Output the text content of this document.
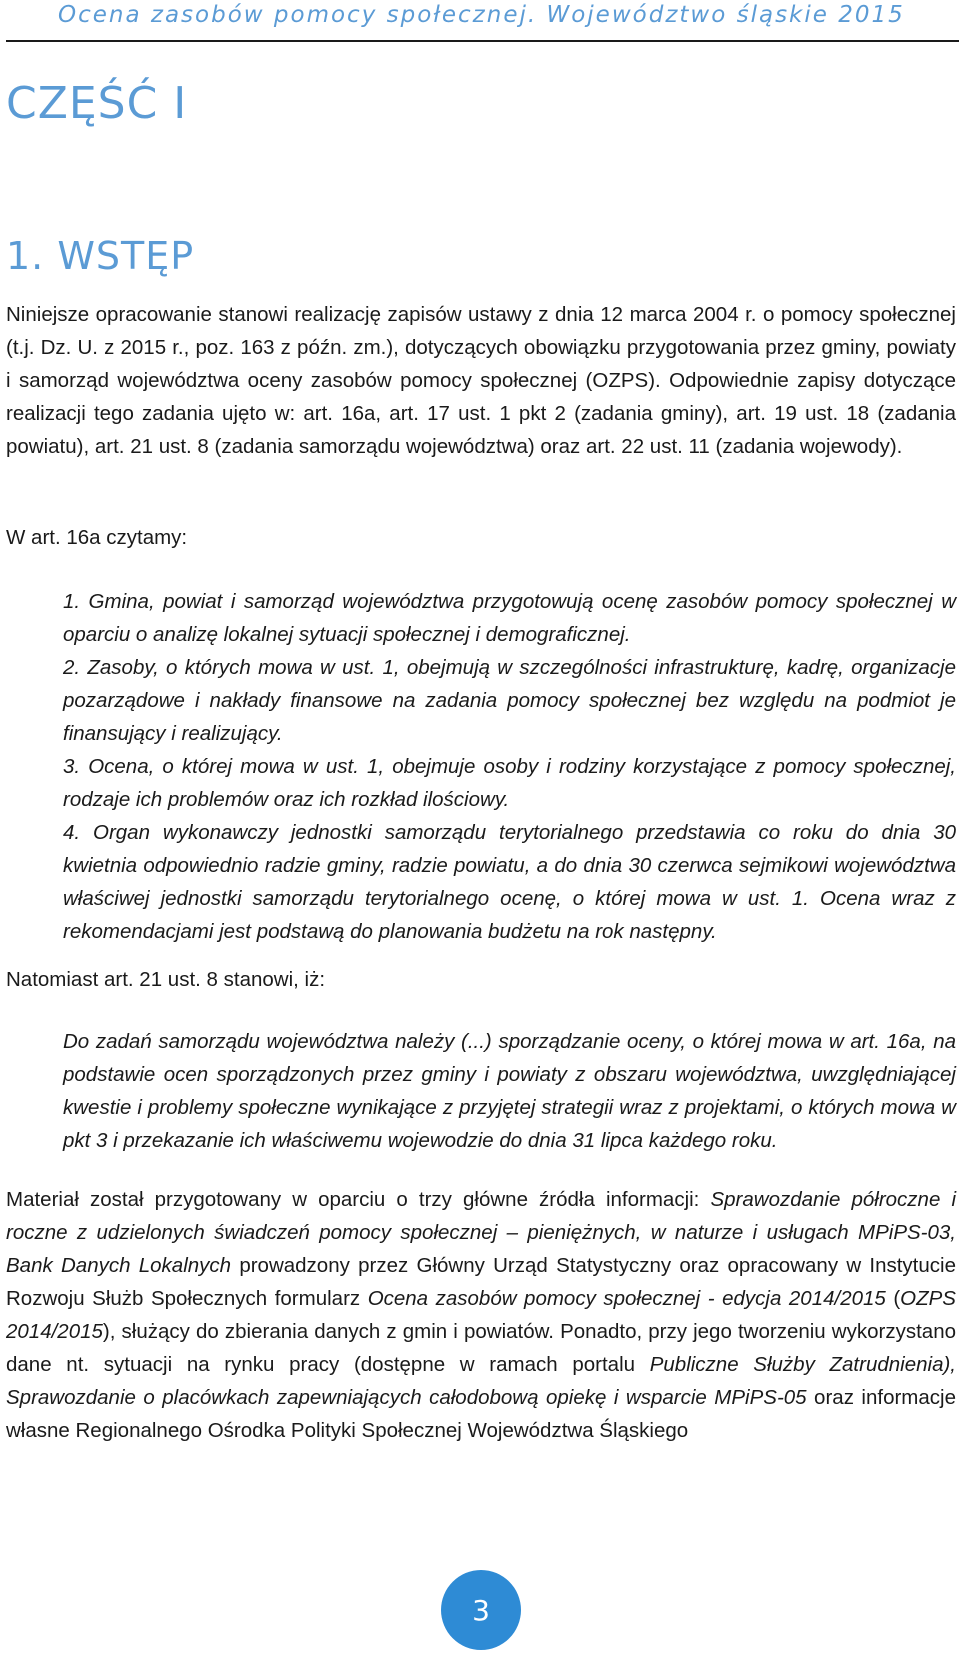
Ocena zasobów pomocy społecznej. Województwo śląskie 2015
CZĘŚĆ I
1. WSTĘP

Niniejsze opracowanie stanowi realizację zapisów ustawy z dnia 12 marca 2004 r. o pomocy społecznej (t.j. Dz. U. z 2015 r., poz. 163 z późn. zm.), dotyczących obowiązku przygotowania przez gminy, powiaty i samorząd województwa oceny zasobów pomocy społecznej (OZPS). Odpowiednie zapisy dotyczące realizacji tego zadania ujęto w: art. 16a, art. 17 ust. 1 pkt 2 (zadania gminy), art. 19 ust. 18 (zadania powiatu), art. 21 ust. 8 (zadania samorządu województwa) oraz art. 22 ust. 11 (zadania wojewody).

W art. 16a czytamy:

1. Gmina, powiat i samorząd województwa przygotowują ocenę zasobów pomocy społecznej w oparciu o analizę lokalnej sytuacji społecznej i demograficznej.
2. Zasoby, o których mowa w ust. 1, obejmują w szczególności infrastrukturę, kadrę, organizacje pozarządowe i nakłady finansowe na zadania pomocy społecznej bez względu na podmiot je finansujący i realizujący.
3. Ocena, o której mowa w ust. 1, obejmuje osoby i rodziny korzystające z pomocy społecznej, rodzaje ich problemów oraz ich rozkład ilościowy.
4. Organ wykonawczy jednostki samorządu terytorialnego przedstawia co roku do dnia 30 kwietnia odpowiednio radzie gminy, radzie powiatu, a do dnia 30 czerwca sejmikowi województwa właściwej jednostki samorządu terytorialnego ocenę, o której mowa w ust. 1. Ocena wraz z rekomendacjami jest podstawą do planowania budżetu na rok następny.

Natomiast art. 21 ust. 8 stanowi, iż:

Do zadań samorządu województwa należy (...) sporządzanie oceny, o której mowa w art. 16a, na podstawie ocen sporządzonych przez gminy i powiaty z obszaru województwa, uwzględniającej kwestie i problemy społeczne wynikające z przyjętej strategii wraz z projektami, o których mowa w pkt 3 i przekazanie ich właściwemu wojewodzie do dnia 31 lipca każdego roku.

Materiał został przygotowany w oparciu o trzy główne źródła informacji: Sprawozdanie półroczne i roczne z udzielonych świadczeń pomocy społecznej – pieniężnych, w naturze i usługach MPiPS-03, Bank Danych Lokalnych prowadzony przez Główny Urząd Statystyczny oraz opracowany w Instytucie Rozwoju Służb Społecznych formularz Ocena zasobów pomocy społecznej - edycja 2014/2015 (OZPS 2014/2015), służący do zbierania danych z gmin i powiatów. Ponadto, przy jego tworzeniu wykorzystano dane nt. sytuacji na rynku pracy (dostępne w ramach portalu Publiczne Służby Zatrudnienia), Sprawozdanie o placówkach zapewniających całodobową opiekę i wsparcie MPiPS-05 oraz informacje własne Regionalnego Ośrodka Polityki Społecznej Województwa Śląskiego

3
